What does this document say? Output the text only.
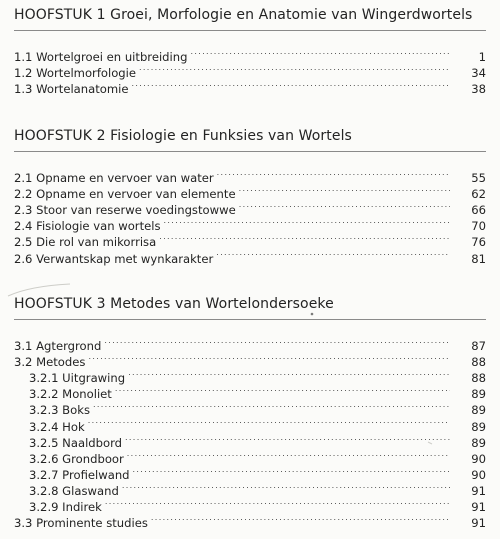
HOOFSTUK 1 Groei, Morfologie en Anatomie van Wingerdwortels
1.1 Wortelgroei en uitbreiding . . .	1
1.2 Wortelmorfologie . . .	34
1.3 Wortelanatomie . . .	38
HOOFSTUK 2 Fisiologie en Funksies van Wortels
2.1 Opname en vervoer van water . . .	55
2.2 Opname en vervoer van elemente . . .	62
2.3 Stoor van reserwe voedingstowwe . . .	66
2.4 Fisiologie van wortels . . .	70
2.5 Die rol van mikorrisa . . .	76
2.6 Verwantskap met wynkarakter . . .	81
HOOFSTUK 3 Metodes van Wortelondersoeke
3.1 Agtergrond . . .	87
3.2 Metodes . . .	88
3.2.1 Uitgrawing . . .	88
3.2.2 Monoliet . . .	89
3.2.3 Boks . . .	89
3.2.4 Hok . . .	89
3.2.5 Naaldbord . . .	89
3.2.6 Grondboor . . .	90
3.2.7 Profielwand . . .	90
3.2.8 Glaswand . . .	91
3.2.9 Indirek . . .	91
3.3 Prominente studies . . .	91
